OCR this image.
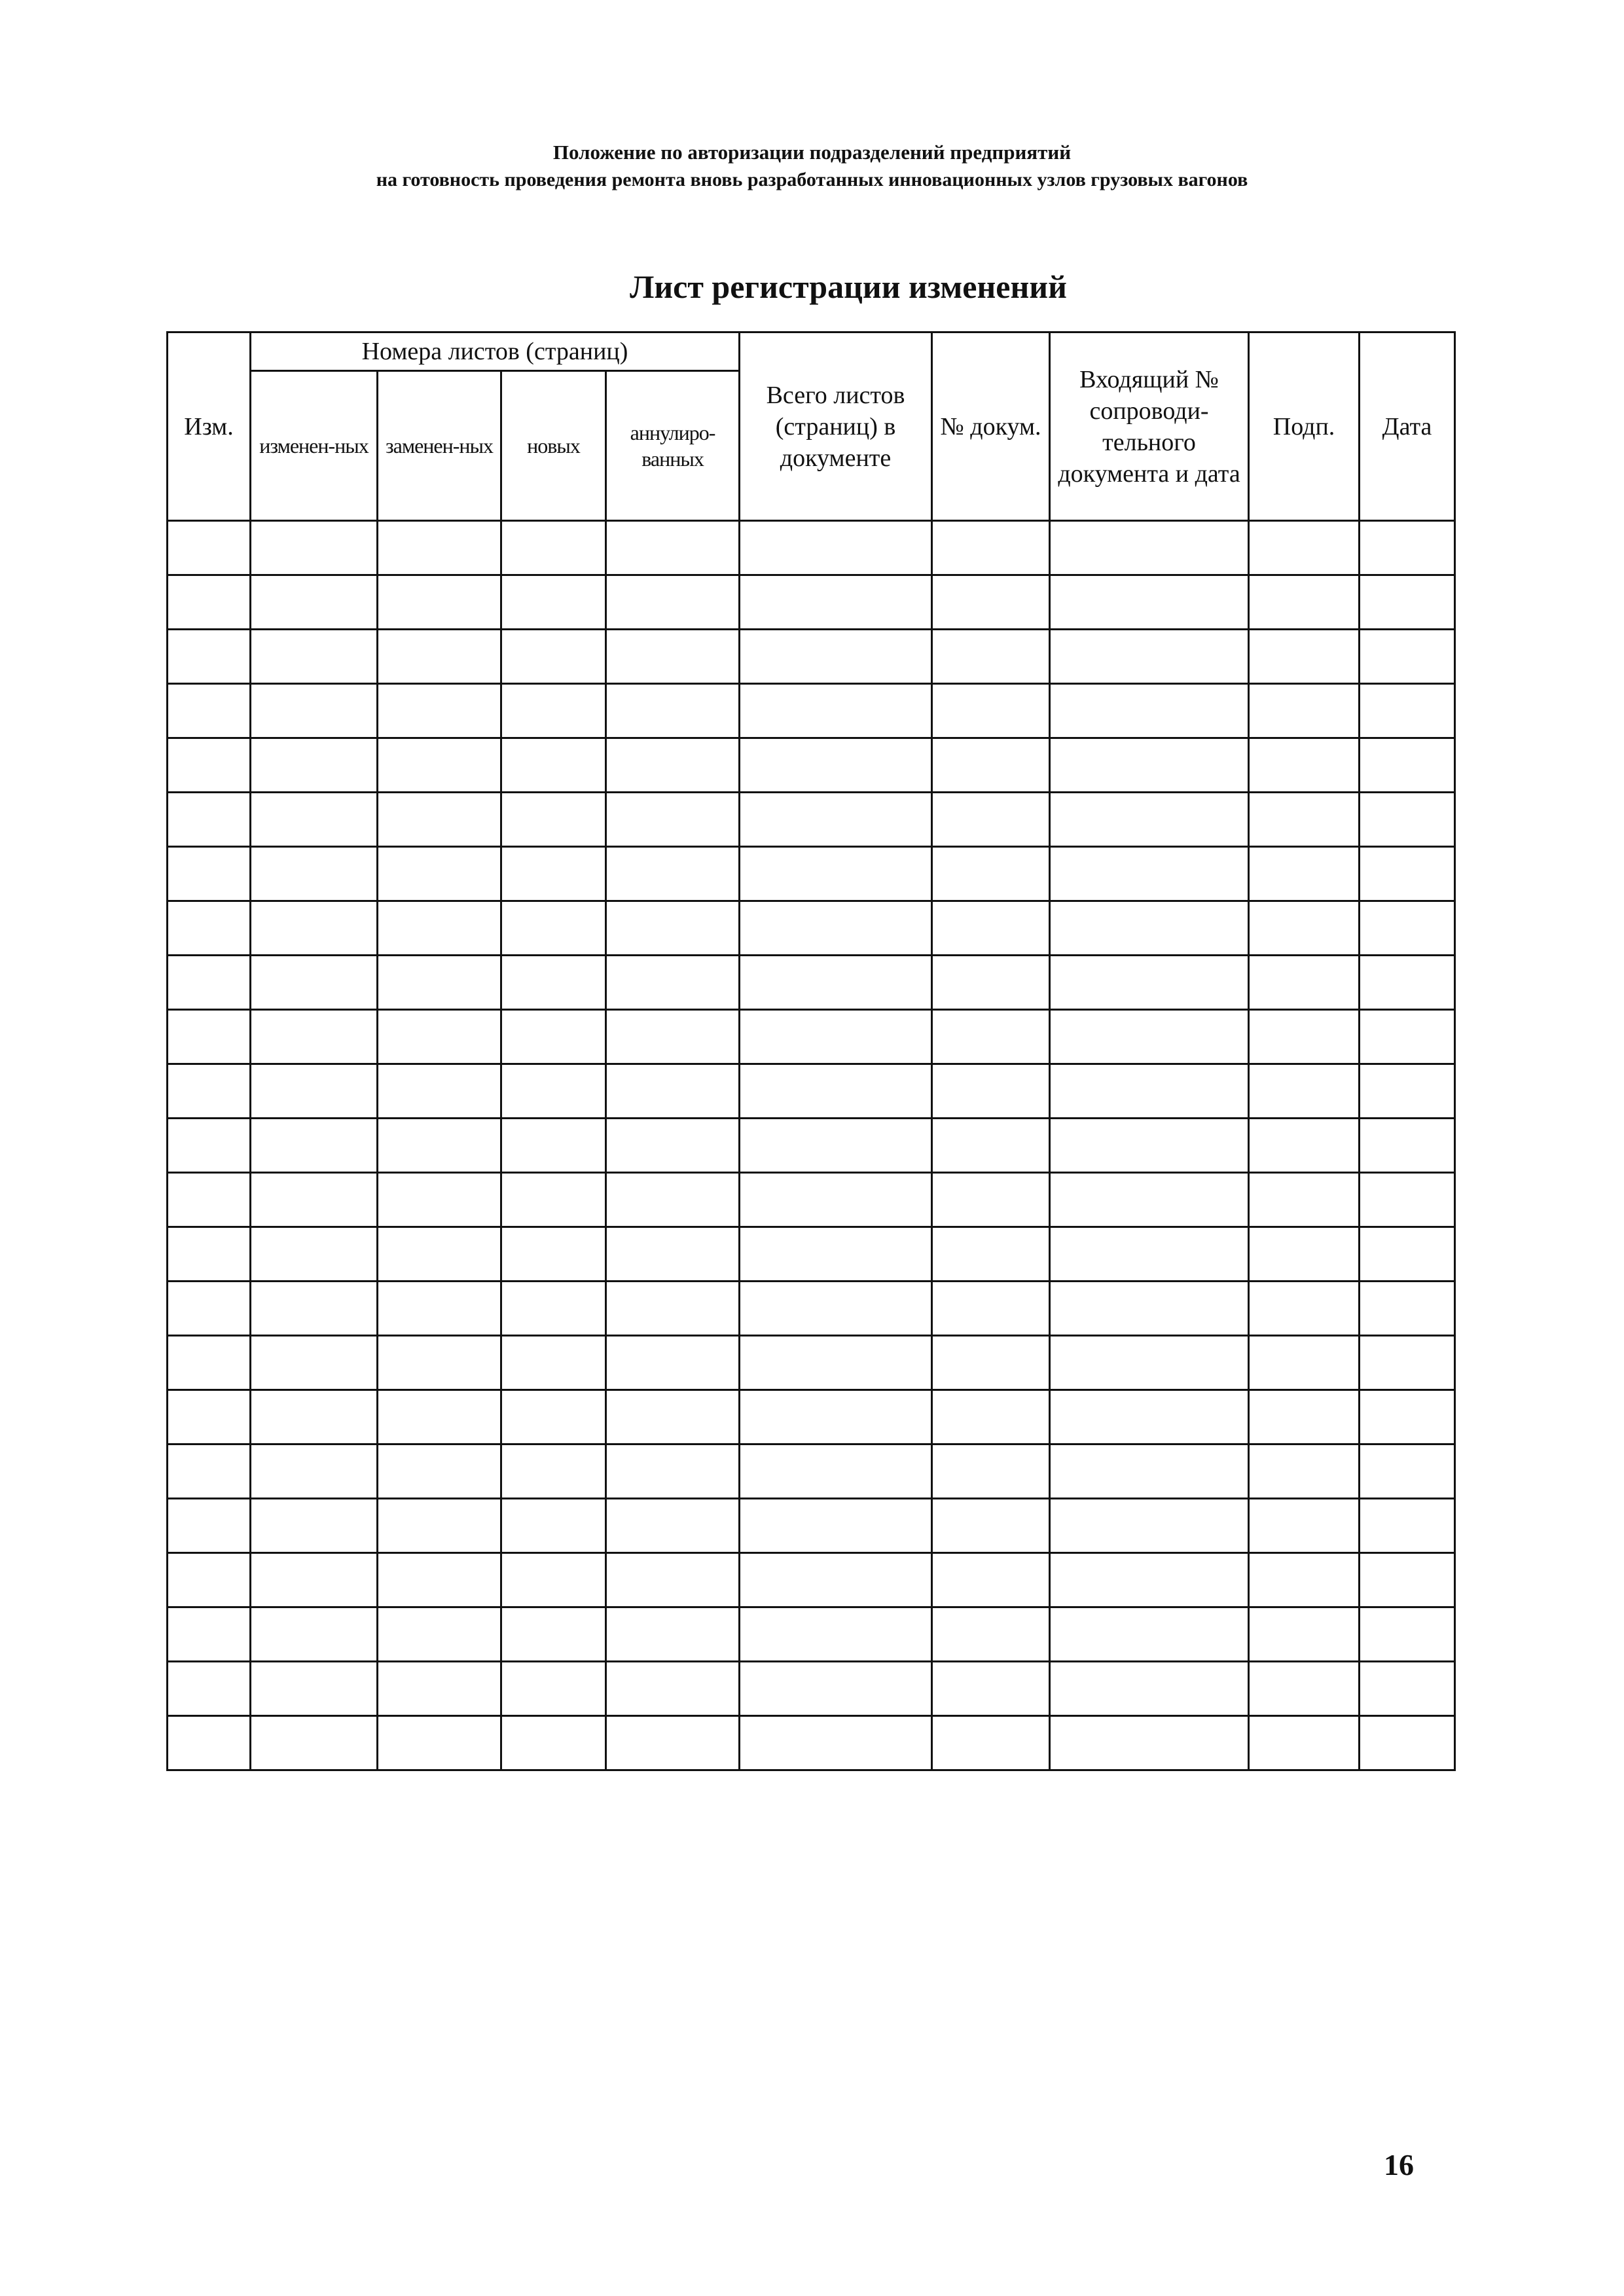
Положение по авторизации подразделений предприятий
на готовность проведения ремонта вновь разработанных инновационных узлов грузовых вагонов
Лист регистрации изменений
Изм.	Номера листов (страниц)				Всего листов (страниц) в документе	№ докум.	Входящий № сопроводи-тельного документа и дата	Подп.	Дата
	изменен-ных	заменен-ных	новых	аннулиро-ванных					

16
